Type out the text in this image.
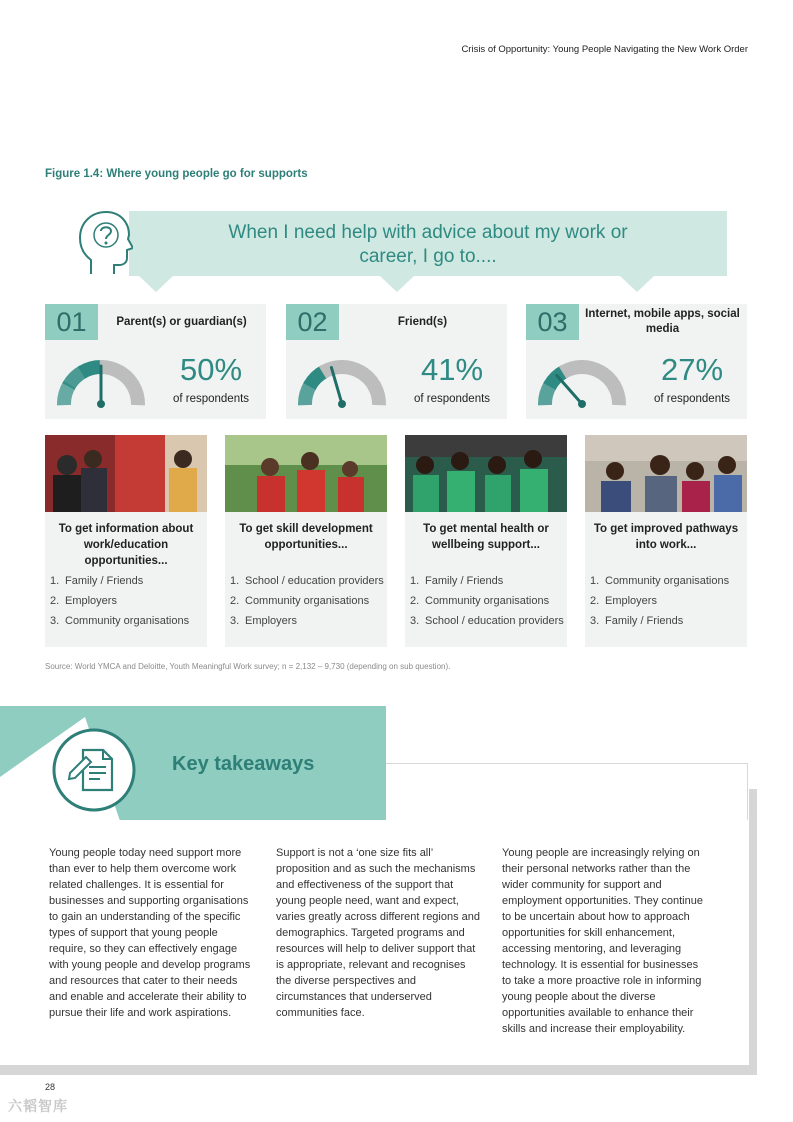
Crisis of Opportunity: Young People Navigating the New Work Order
Figure 1.4: Where young people go for supports
When I need help with advice about my work or
career, I go to....
01	Parent(s) or guardian(s)
50%
of respondents
02	Friend(s)
41%
of respondents
03	Internet, mobile apps, social media
27%
of respondents
To get information about work/education opportunities...
1. Family / Friends
2. Employers
3. Community organisations
To get skill development opportunities...
1. School / education providers
2. Community organisations
3. Employers
To get mental health or wellbeing support...
1. Family / Friends
2. Community organisations
3. School / education providers
To get improved pathways into work...
1. Community organisations
2. Employers
3. Family / Friends
Source: World YMCA and Deloitte, Youth Meaningful Work survey; n = 2,132 – 9,730 (depending on sub question).
Key takeaways

Young people today need support more than ever to help them overcome work related challenges. It is essential for businesses and supporting organisations to gain an understanding of the specific types of support that young people require, so they can effectively engage with young people and develop programs and resources that cater to their needs and enable and accelerate their ability to pursue their life and work aspirations.

Support is not a ‘one size fits all’ proposition and as such the mechanisms and effectiveness of the support that young people need, want and expect, varies greatly across different regions and demographics. Targeted programs and resources will help to deliver support that is appropriate, relevant and recognises the diverse perspectives and circumstances that underserved communities face.

Young people are increasingly relying on their personal networks rather than the wider community for support and employment opportunities. They continue to be uncertain about how to approach opportunities for skill enhancement, accessing mentoring, and leveraging technology. It is essential for businesses to take a more proactive role in informing young people about the diverse opportunities available to enhance their skills and increase their employability.

28
六韬智库
